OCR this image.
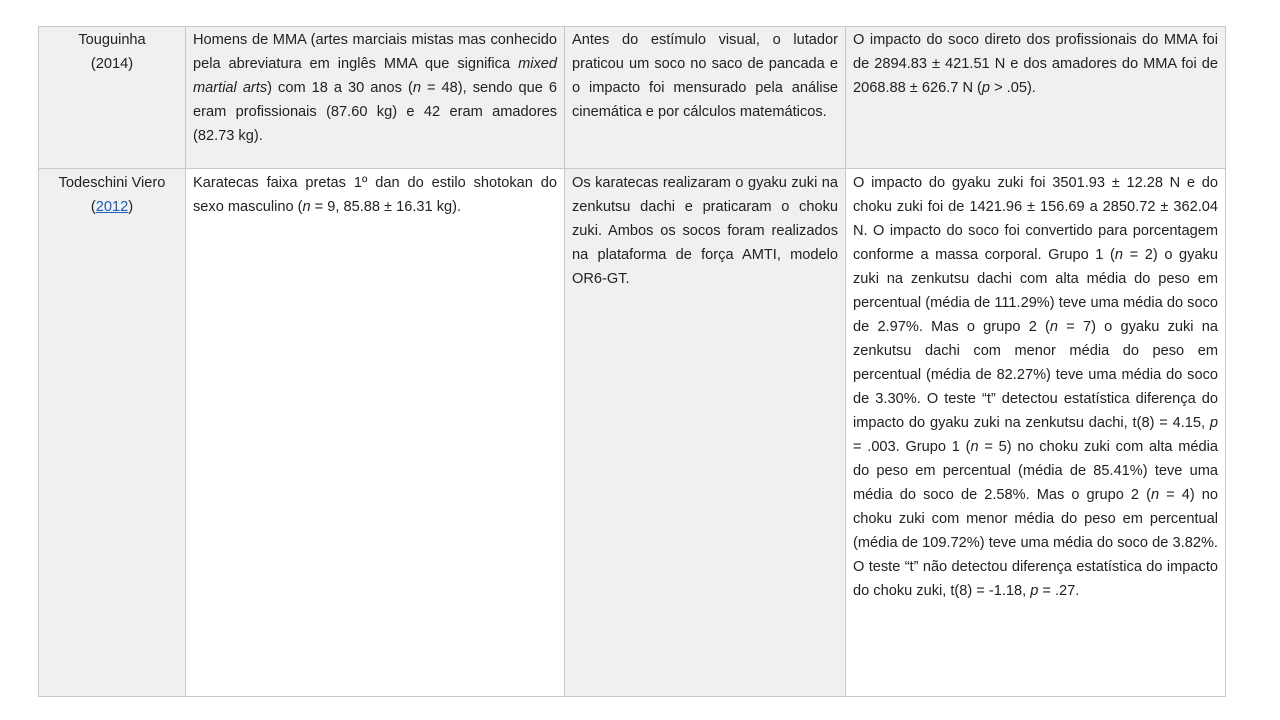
Touguinha
(2014)	Homens de MMA (artes marciais mistas mas conhecido pela abreviatura em inglês MMA que significa mixed martial arts) com 18 a 30 anos (n = 48), sendo que 6 eram profissionais (87.60 kg) e 42 eram amadores (82.73 kg).	Antes do estímulo visual, o lutador praticou um soco no saco de pancada e o impacto foi mensurado pela análise cinemática e por cálculos matemáticos.	O impacto do soco direto dos profissionais do MMA foi de 2894.83 ± 421.51 N e dos amadores do MMA foi de 2068.88 ± 626.7 N (p > .05).

Todeschini Viero
(2012)	Karatecas faixa pretas 1º dan do estilo shotokan do sexo masculino (n = 9, 85.88 ± 16.31 kg).	Os karatecas realizaram o gyaku zuki na zenkutsu dachi e praticaram o choku zuki. Ambos os socos foram realizados na plataforma de força AMTI, modelo OR6-GT.	O impacto do gyaku zuki foi 3501.93 ± 12.28 N e do choku zuki foi de 1421.96 ± 156.69 a 2850.72 ± 362.04 N. O impacto do soco foi convertido para porcentagem conforme a massa corporal. Grupo 1 (n = 2) o gyaku zuki na zenkutsu dachi com alta média do peso em percentual (média de 111.29%) teve uma média do soco de 2.97%. Mas o grupo 2 (n = 7) o gyaku zuki na zenkutsu dachi com menor média do peso em percentual (média de 82.27%) teve uma média do soco de 3.30%. O teste “t” detectou estatística diferença do impacto do gyaku zuki na zenkutsu dachi, t(8) = 4.15, p = .003. Grupo 1 (n = 5) no choku zuki com alta média do peso em percentual (média de 85.41%) teve uma média do soco de 2.58%. Mas o grupo 2 (n = 4) no choku zuki com menor média do peso em percentual (média de 109.72%) teve uma média do soco de 3.82%. O teste “t” não detectou diferença estatística do impacto do choku zuki, t(8) = -1.18, p = .27.
